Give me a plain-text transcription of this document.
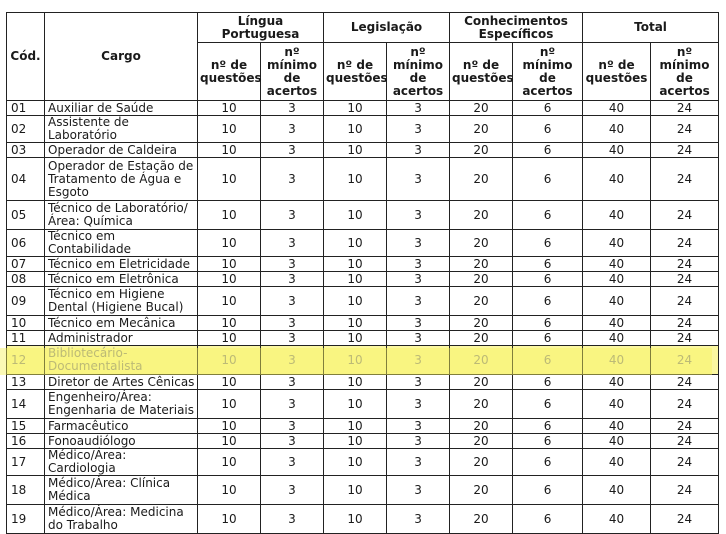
Cód.	Cargo	Língua Portuguesa		Legislação		Conhecimentos Específicos		Total	
		nº de questões	nº mínimo de acertos	nº de questões	nº mínimo de acertos	nº de questões	nº mínimo de acertos	nº de questões	nº mínimo de acertos
01	Auxiliar de Saúde	10	3	10	3	20	6	40	24
02	Assistente de Laboratório	10	3	10	3	20	6	40	24
03	Operador de Caldeira	10	3	10	3	20	6	40	24
04	Operador de Estação de Tratamento de Água e Esgoto	10	3	10	3	20	6	40	24
05	Técnico de Laboratório/ Área: Química	10	3	10	3	20	6	40	24
06	Técnico em Contabilidade	10	3	10	3	20	6	40	24
07	Técnico em Eletricidade	10	3	10	3	20	6	40	24
08	Técnico em Eletrônica	10	3	10	3	20	6	40	24
09	Técnico em Higiene Dental (Higiene Bucal)	10	3	10	3	20	6	40	24
10	Técnico em Mecânica	10	3	10	3	20	6	40	24
11	Administrador	10	3	10	3	20	6	40	24
12	Bibliotecário-Documentalista	10	3	10	3	20	6	40	24
13	Diretor de Artes Cênicas	10	3	10	3	20	6	40	24
14	Engenheiro/Área: Engenharia de Materiais	10	3	10	3	20	6	40	24
15	Farmacêutico	10	3	10	3	20	6	40	24
16	Fonoaudiólogo	10	3	10	3	20	6	40	24
17	Médico/Área: Cardiologia	10	3	10	3	20	6	40	24
18	Médico/Área: Clínica Médica	10	3	10	3	20	6	40	24
19	Médico/Área: Medicina do Trabalho	10	3	10	3	20	6	40	24
